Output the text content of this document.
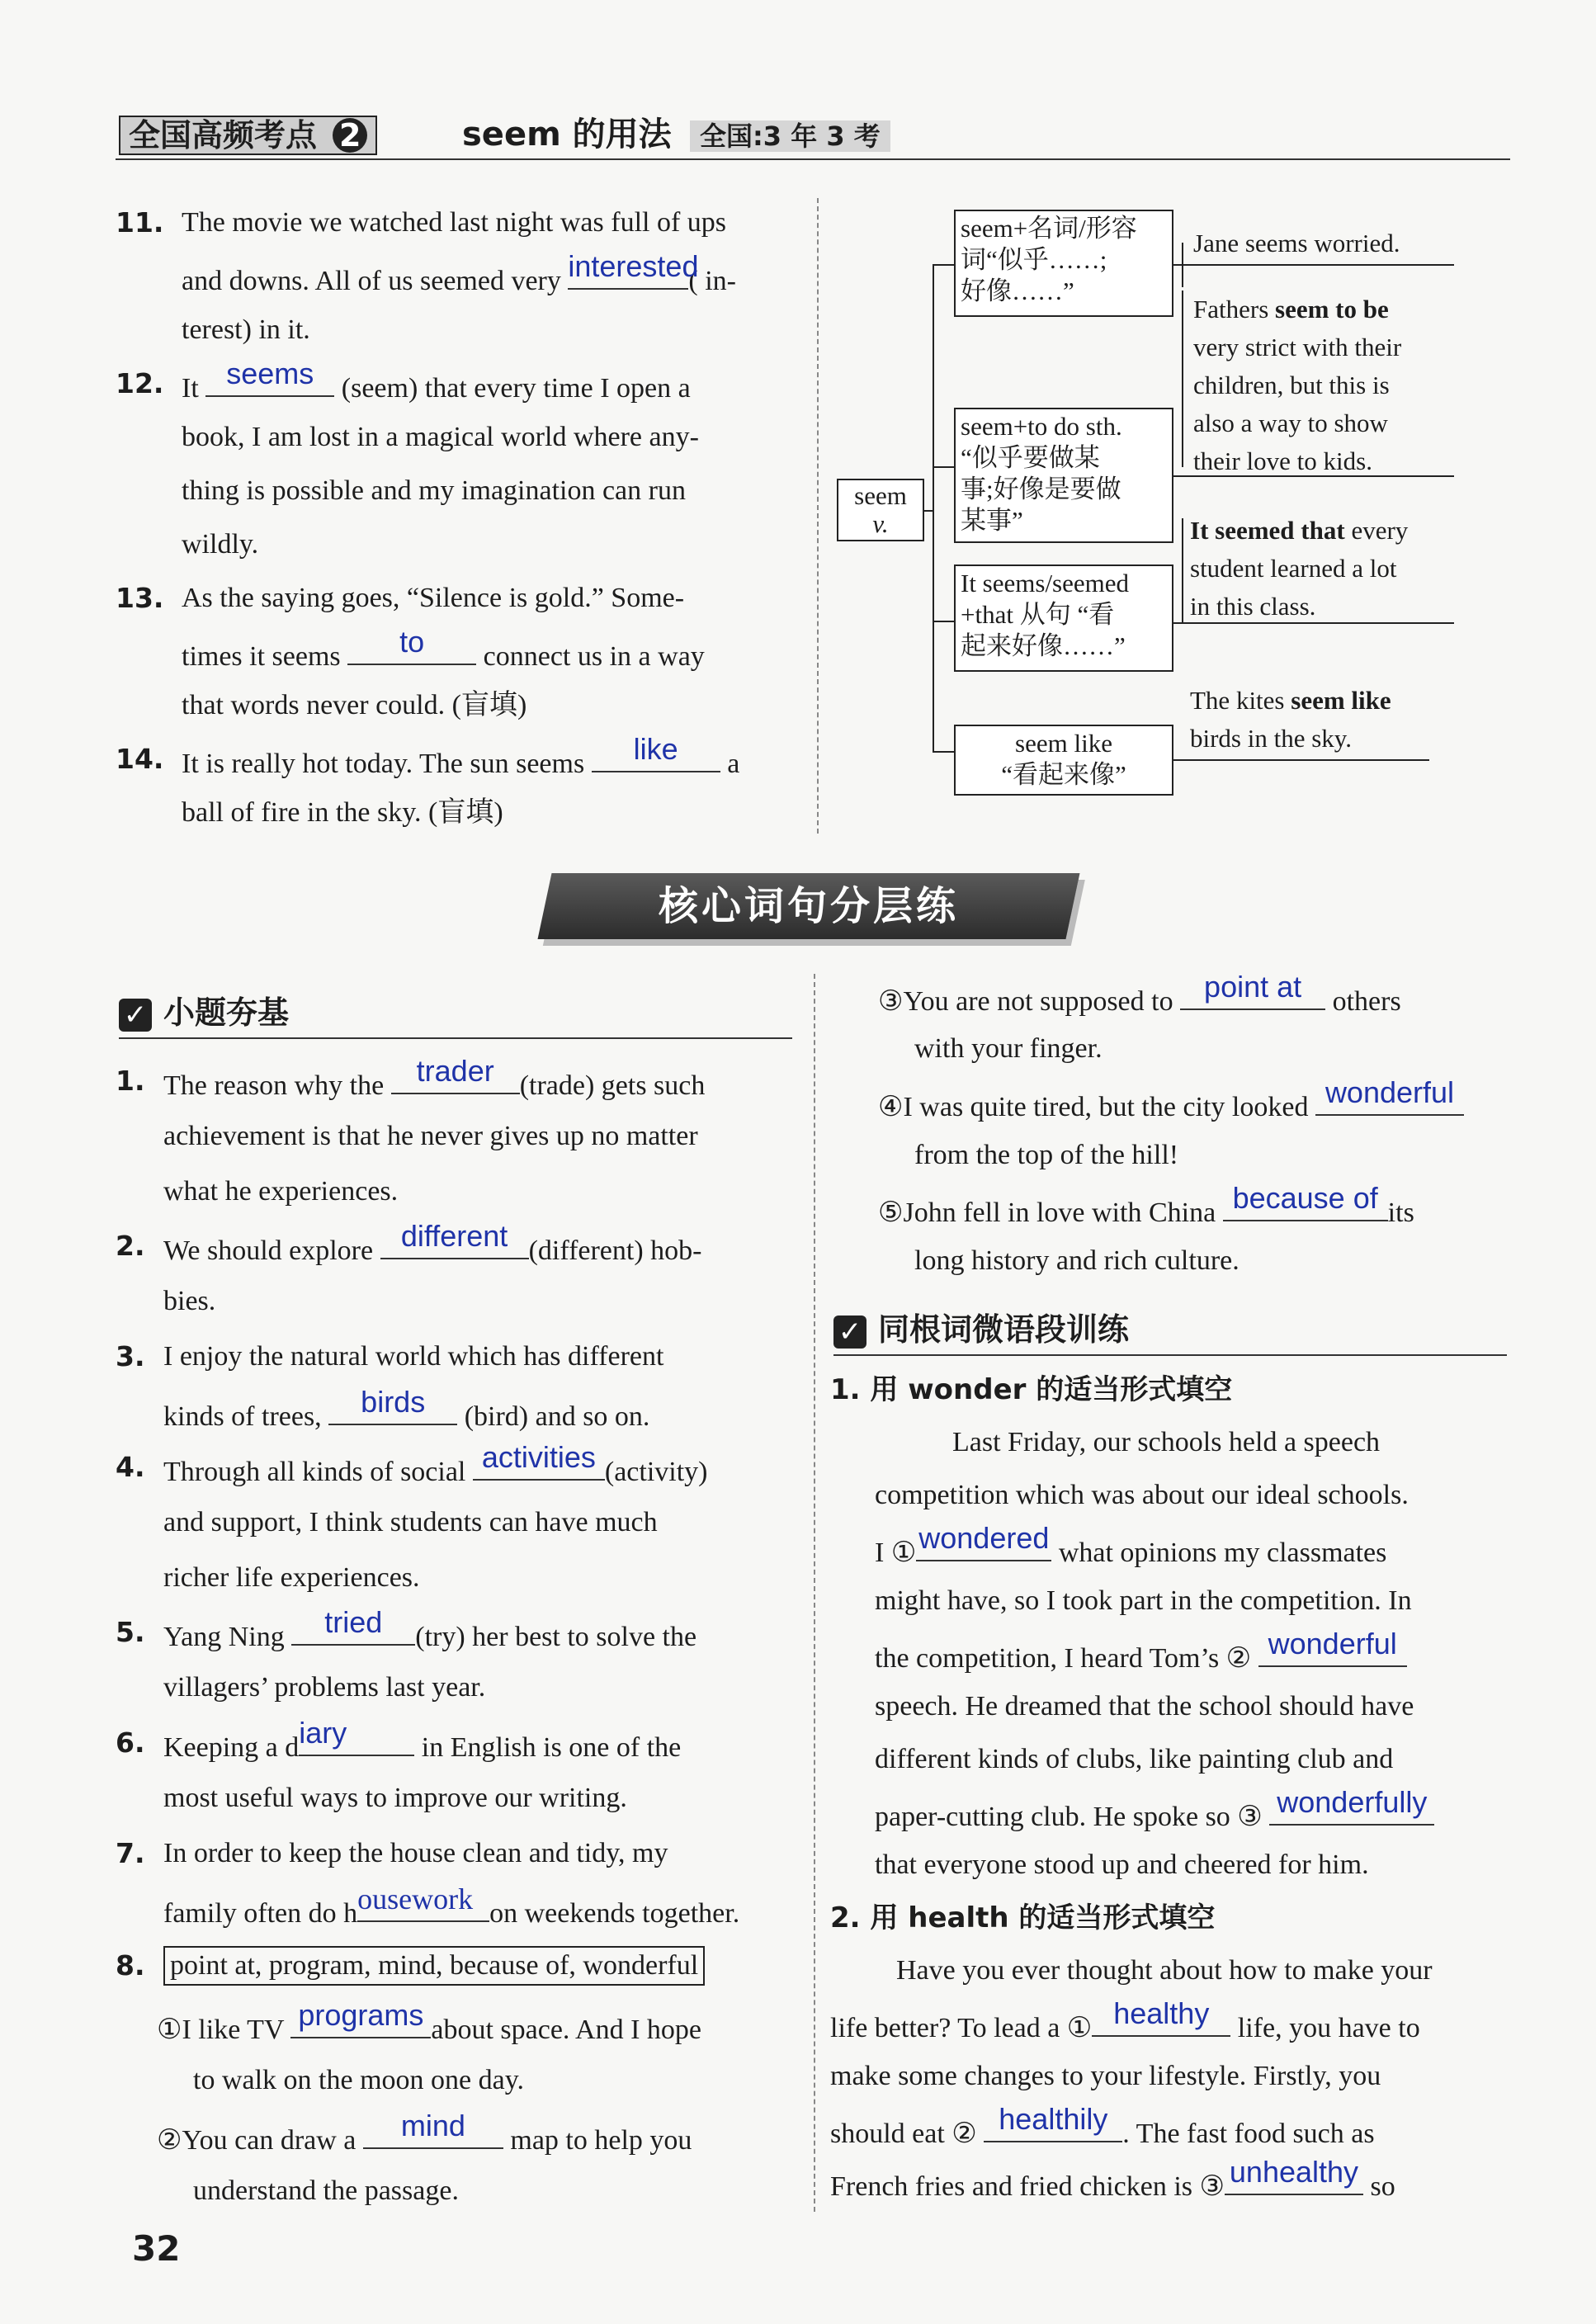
全国高频考点 2	seem 的用法	全国:3 年 3 考
11. The movie we watched last night was full of ups
and downs. All of us seemed very interested
( in-
terest) in it.
12. It seems (seem) that every time I open a
book, I am lost in a magical world where any-
thing is possible and my imagination can run
wildly.
13. As the saying goes, “Silence is gold.” Some-
times it seems	to	connect us in a way
that words never could. (盲填)
14. It is really hot today. The sun seems	like	a
ball of fire in the sky. (盲填)
seem
v.
seem+名词/形容
词“似乎……;
好像……”
Jane seems worried.
seem+to do sth.
“似乎要做某
事;好像是要做
某事”
Fathers seem to be
very strict with their
children, but this is
also a way to show
their love to kids.
It seems/seemed
+that 从句 “看
起来好像……”
It seemed that every
student learned a lot
in this class.
seem like
“看起来像”
The kites seem like
birds in the sky.
核心词句分层练
✓ 小题夯基
1. The reason why the	trader (trade) gets such
achievement is that he never gives up no matter
what he experiences.
2. We should explore different (different) hob-
bies.
3. I enjoy the natural world which has different
kinds of trees,	birds	(bird) and so on.
4. Through all kinds of social activities (activity)
and support, I think students can have much
richer life experiences.
5. Yang Ning	tried	(try) her best to solve the
villagers’ problems last year.
6. Keeping a d iary	in English is one of the
most useful ways to improve our writing.
7. In order to keep the house clean and tidy, my
family often do h ousework on weekends together.
8. point at, program, mind, because of, wonderful
①I like TV programs about space. And I hope
to walk on the moon one day.
②You can draw a	mind	map to help you
understand the passage.
③You are not supposed to	point at	others
with your finger.
④I was quite tired, but the city looked wonderful
from the top of the hill!
⑤John fell in love with China because of its
long history and rich culture.
✓ 同根词微语段训练
1. 用 wonder 的适当形式填空
Last Friday, our schools held a speech
competition which was about our ideal schools.
I ① wondered what opinions my classmates
might have, so I took part in the competition. In
the competition, I heard Tom’s ② wonderful
speech. He dreamed that the school should have
different kinds of clubs, like painting club and
paper-cutting club. He spoke so ③ wonderfully
that everyone stood up and cheered for him.
2. 用 health 的适当形式填空
Have you ever thought about how to make your
life better? To lead a ① healthy	life, you have to
make some changes to your lifestyle. Firstly, you
should eat ② healthily . The fast food such as
French fries and fried chicken is ③ unhealthy so
32
